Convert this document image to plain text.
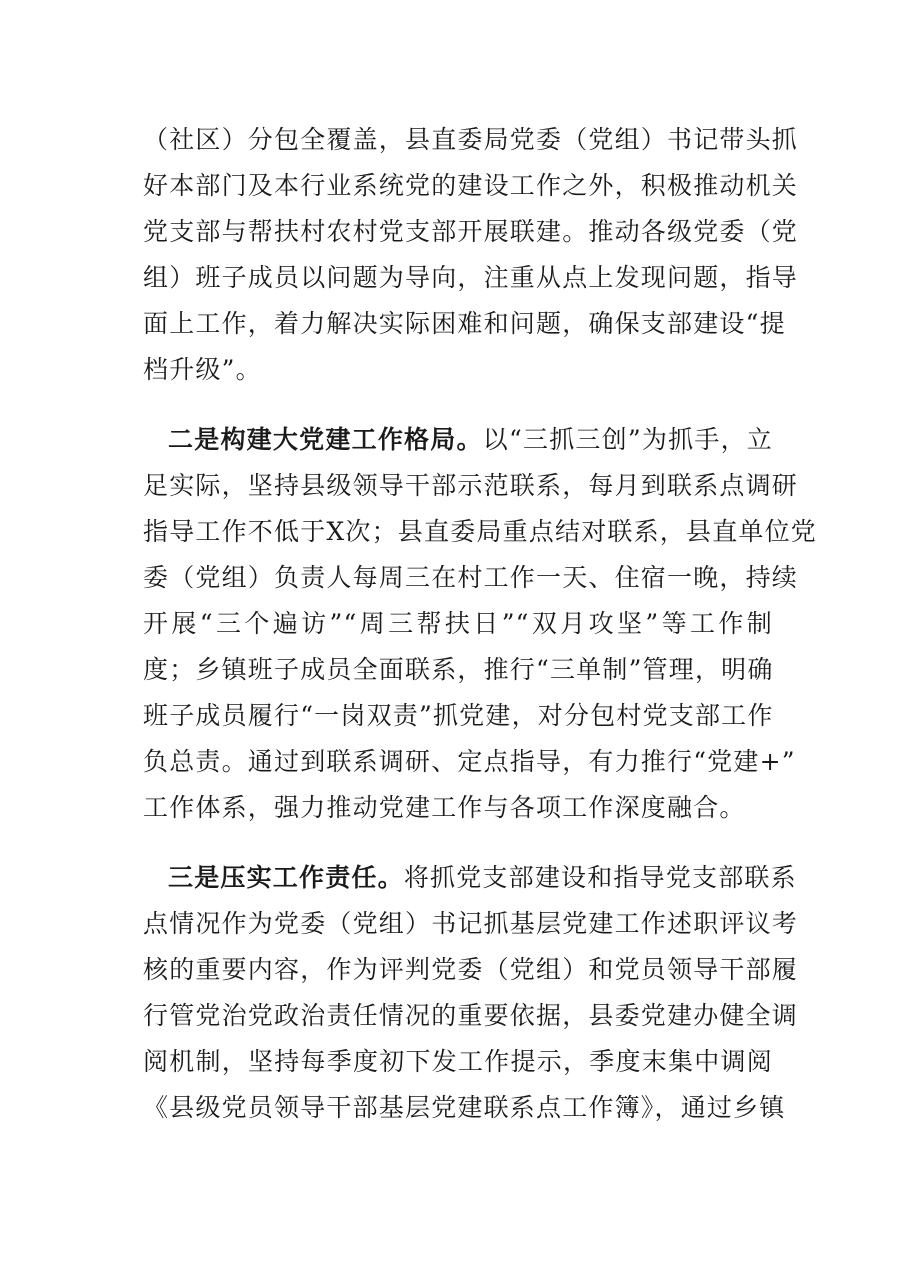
（社区）分包全覆盖，县直委局党委（党组）书记带头抓
好本部门及本行业系统党的建设工作之外，积极推动机关
党支部与帮扶村农村党支部开展联建。推动各级党委（党
组）班子成员以问题为导向，注重从点上发现问题，指导
面上工作，着力解决实际困难和问题，确保支部建设“提
档升级”。
二是构建大党建工作格局。以“三抓三创”为抓手，立
足实际，坚持县级领导干部示范联系，每月到联系点调研
指导工作不低于X次；县直委局重点结对联系，县直单位党
委（党组）负责人每周三在村工作一天、住宿一晚，持续
开展“三个遍访”“周三帮扶日”“双月攻坚”等工作制
度；乡镇班子成员全面联系，推行“三单制”管理，明确
班子成员履行“一岗双责”抓党建，对分包村党支部工作
负总责。通过到联系调研、定点指导，有力推行“党建+”
工作体系，强力推动党建工作与各项工作深度融合。
三是压实工作责任。将抓党支部建设和指导党支部联系
点情况作为党委（党组）书记抓基层党建工作述职评议考
核的重要内容，作为评判党委（党组）和党员领导干部履
行管党治党政治责任情况的重要依据，县委党建办健全调
阅机制，坚持每季度初下发工作提示，季度末集中调阅
《县级党员领导干部基层党建联系点工作簿》，通过乡镇
